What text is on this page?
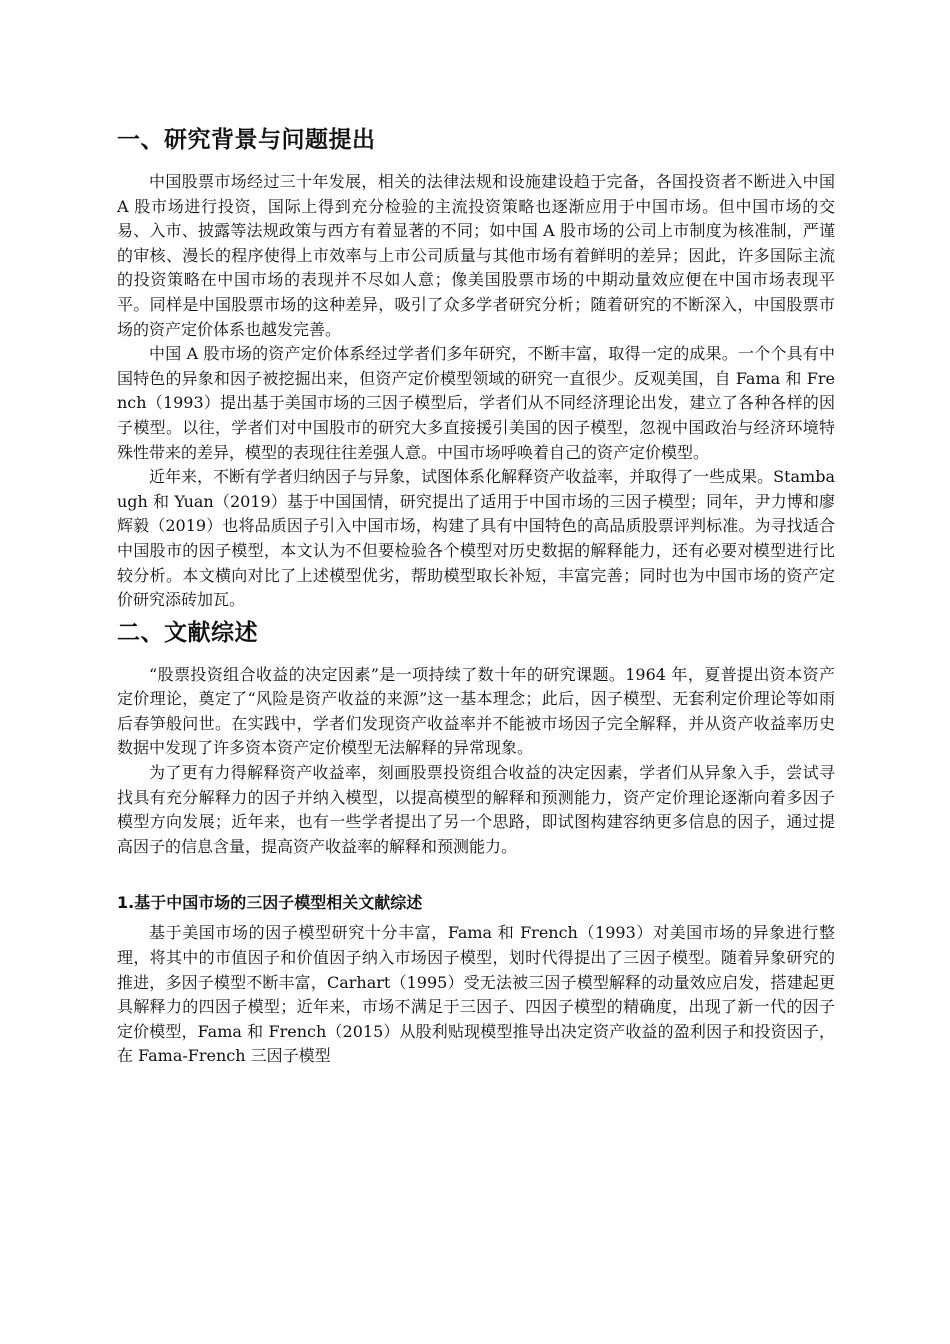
一、研究背景与问题提出

中国股票市场经过三十年发展，相关的法律法规和设施建设趋于完备，各国投资者不断进入中国 A 股市场进行投资，国际上得到充分检验的主流投资策略也逐渐应用于中国市场。但中国市场的交易、入市、披露等法规政策与西方有着显著的不同；如中国 A 股市场的公司上市制度为核准制，严谨的审核、漫长的程序使得上市效率与上市公司质量与其他市场有着鲜明的差异；因此，许多国际主流的投资策略在中国市场的表现并不尽如人意；像美国股票市场的中期动量效应便在中国市场表现平平。同样是中国股票市场的这种差异，吸引了众多学者研究分析；随着研究的不断深入，中国股票市场的资产定价体系也越发完善。

中国 A 股市场的资产定价体系经过学者们多年研究，不断丰富，取得一定的成果。一个个具有中国特色的异象和因子被挖掘出来，但资产定价模型领域的研究一直很少。反观美国，自 Fama 和 French（1993）提出基于美国市场的三因子模型后，学者们从不同经济理论出发，建立了各种各样的因子模型。以往，学者们对中国股市的研究大多直接援引美国的因子模型，忽视中国政治与经济环境特殊性带来的差异，模型的表现往往差强人意。中国市场呼唤着自己的资产定价模型。

近年来，不断有学者归纳因子与异象，试图体系化解释资产收益率，并取得了一些成果。Stambaugh 和 Yuan（2019）基于中国国情，研究提出了适用于中国市场的三因子模型；同年，尹力博和廖辉毅（2019）也将品质因子引入中国市场，构建了具有中国特色的高品质股票评判标准。为寻找适合中国股市的因子模型，本文认为不但要检验各个模型对历史数据的解释能力，还有必要对模型进行比较分析。本文横向对比了上述模型优劣，帮助模型取长补短，丰富完善；同时也为中国市场的资产定价研究添砖加瓦。

二、文献综述

“股票投资组合收益的决定因素”是一项持续了数十年的研究课题。1964 年，夏普提出资本资产定价理论，奠定了“风险是资产收益的来源”这一基本理念；此后，因子模型、无套利定价理论等如雨后春笋般问世。在实践中，学者们发现资产收益率并不能被市场因子完全解释，并从资产收益率历史数据中发现了许多资本资产定价模型无法解释的异常现象。

为了更有力得解释资产收益率，刻画股票投资组合收益的决定因素，学者们从异象入手，尝试寻找具有充分解释力的因子并纳入模型，以提高模型的解释和预测能力，资产定价理论逐渐向着多因子模型方向发展；近年来，也有一些学者提出了另一个思路，即试图构建容纳更多信息的因子，通过提高因子的信息含量，提高资产收益率的解释和预测能力。

1.基于中国市场的三因子模型相关文献综述

基于美国市场的因子模型研究十分丰富，Fama 和 French（1993）对美国市场的异象进行整理，将其中的市值因子和价值因子纳入市场因子模型，划时代得提出了三因子模型。随着异象研究的推进，多因子模型不断丰富，Carhart（1995）受无法被三因子模型解释的动量效应启发，搭建起更具解释力的四因子模型；近年来，市场不满足于三因子、四因子模型的精确度，出现了新一代的因子定价模型，Fama 和 French（2015）从股利贴现模型推导出决定资产收益的盈利因子和投资因子，在 Fama-French 三因子模型
